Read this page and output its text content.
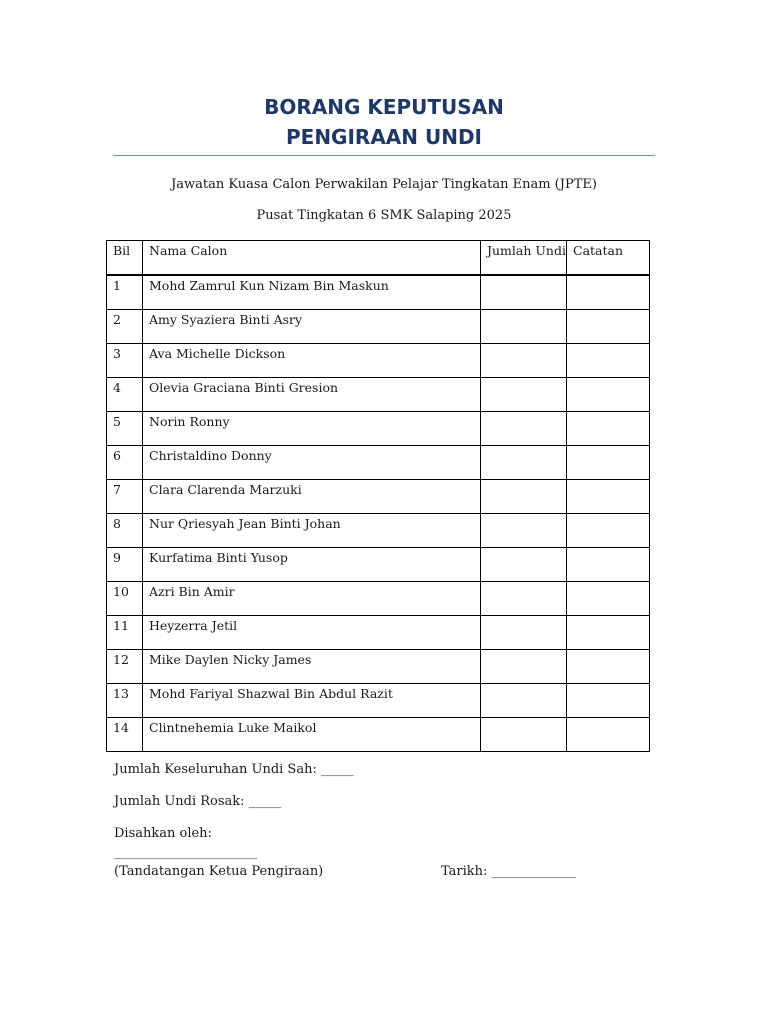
BORANG KEPUTUSAN
PENGIRAAN UNDI
Jawatan Kuasa Calon Perwakilan Pelajar Tingkatan Enam (JPTE)
Pusat Tingkatan 6 SMK Salaping 2025
Bil	Nama Calon	Jumlah Undi	Catatan
1	Mohd Zamrul Kun Nizam Bin Maskun		
2	Amy Syaziera Binti Asry		
3	Ava Michelle Dickson		
4	Olevia Graciana Binti Gresion		
5	Norin Ronny		
6	Christaldino Donny		
7	Clara Clarenda Marzuki		
8	Nur Qriesyah Jean Binti Johan		
9	Kurfatima Binti Yusop		
10	Azri Bin Amir		
11	Heyzerra Jetil		
12	Mike Daylen Nicky James		
13	Mohd Fariyal Shazwal Bin Abdul Razit		
14	Clintnehemia Luke Maikol		
Jumlah Keseluruhan Undi Sah: _____
Jumlah Undi Rosak: _____
Disahkan oleh:
______________________
(Tandatangan Ketua Pengiraan)	Tarikh: _____________
